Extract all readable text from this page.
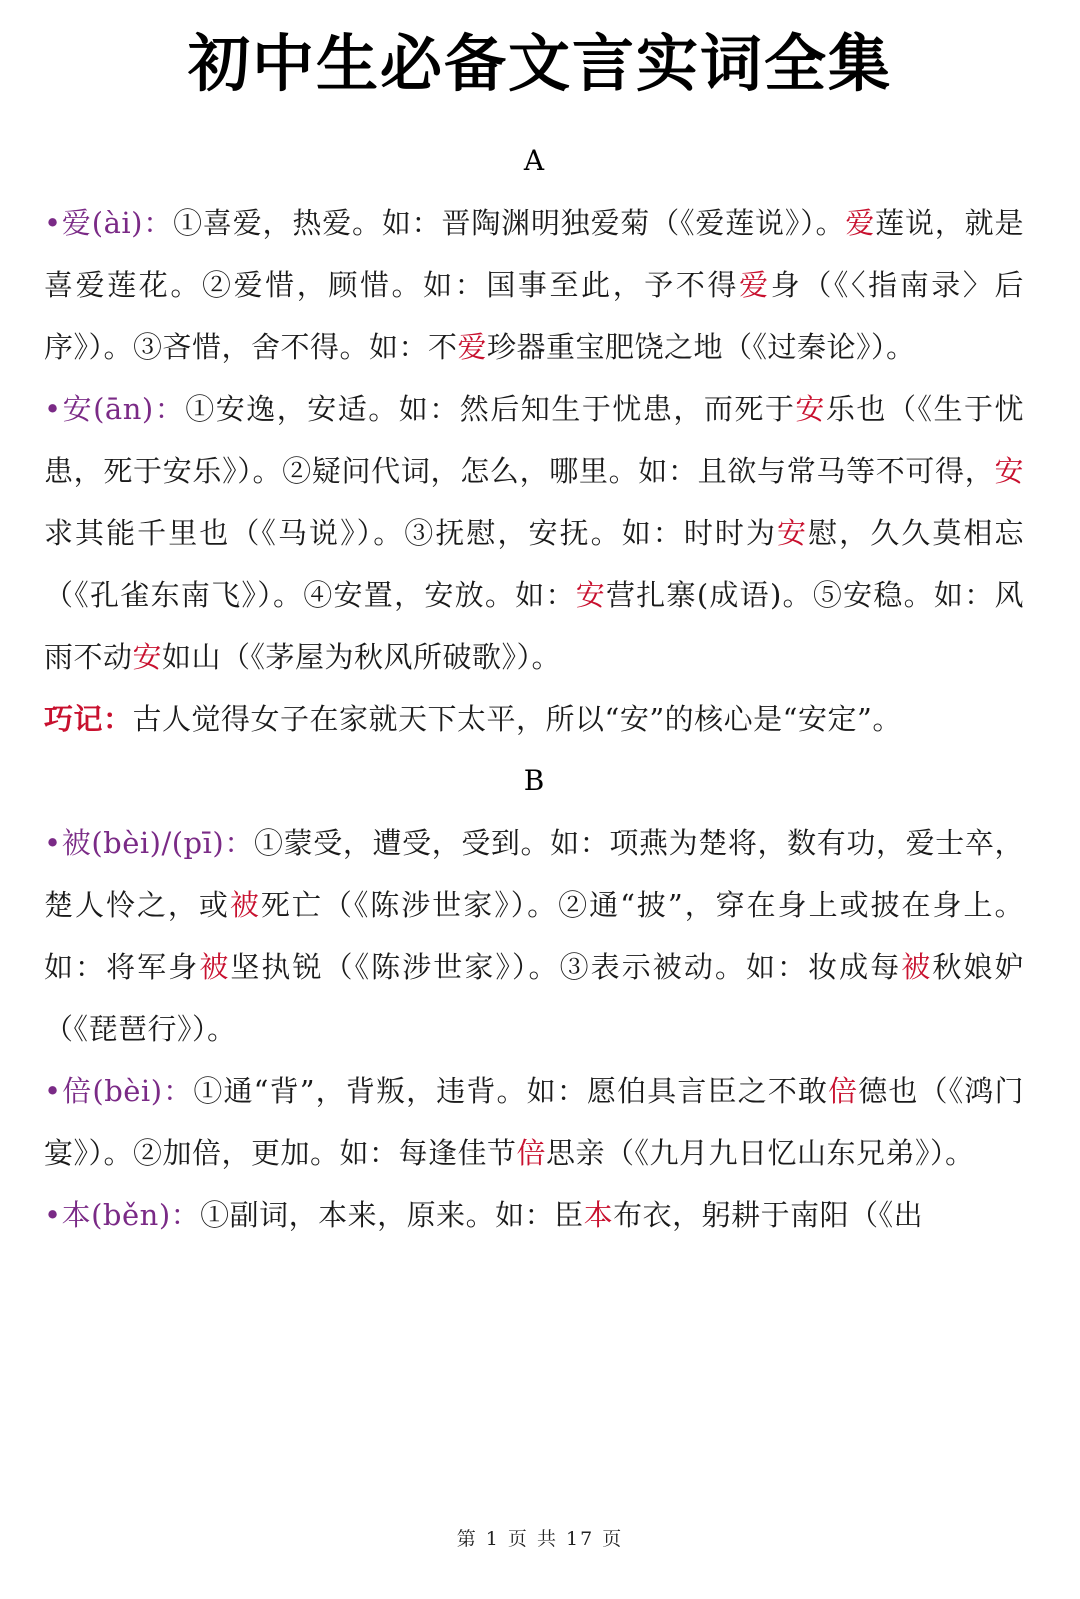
初中生必备文言实词全集
A

•爱(ài)：①喜爱，热爱。如：晋陶渊明独爱菊（《爱莲说》）。爱莲说，就是喜爱莲花。②爱惜，顾惜。如：国事至此，予不得爱身（《〈指南录〉后序》）。③吝惜，舍不得。如：不爱珍器重宝肥饶之地（《过秦论》）。

•安(ān)：①安逸，安适。如：然后知生于忧患，而死于安乐也（《生于忧患，死于安乐》）。②疑问代词，怎么，哪里。如：且欲与常马等不可得，安求其能千里也（《马说》）。③抚慰，安抚。如：时时为安慰，久久莫相忘（《孔雀东南飞》）。④安置，安放。如：安营扎寨(成语)。⑤安稳。如：风雨不动安如山（《茅屋为秋风所破歌》）。

巧记：古人觉得女子在家就天下太平，所以“安”的核心是“安定”。

B

•被(bèi)/(pī)：①蒙受，遭受，受到。如：项燕为楚将，数有功，爱士卒，楚人怜之，或被死亡（《陈涉世家》）。②通“披”，穿在身上或披在身上。如：将军身被坚执锐（《陈涉世家》）。③表示被动。如：妆成每被秋娘妒（《琵琶行》）。

•倍(bèi)：①通“背”，背叛，违背。如：愿伯具言臣之不敢倍德也（《鸿门宴》）。②加倍，更加。如：每逢佳节倍思亲（《九月九日忆山东兄弟》）。

•本(běn)：①副词，本来，原来。如：臣本布衣，躬耕于南阳（《出

第 1 页 共 17 页
